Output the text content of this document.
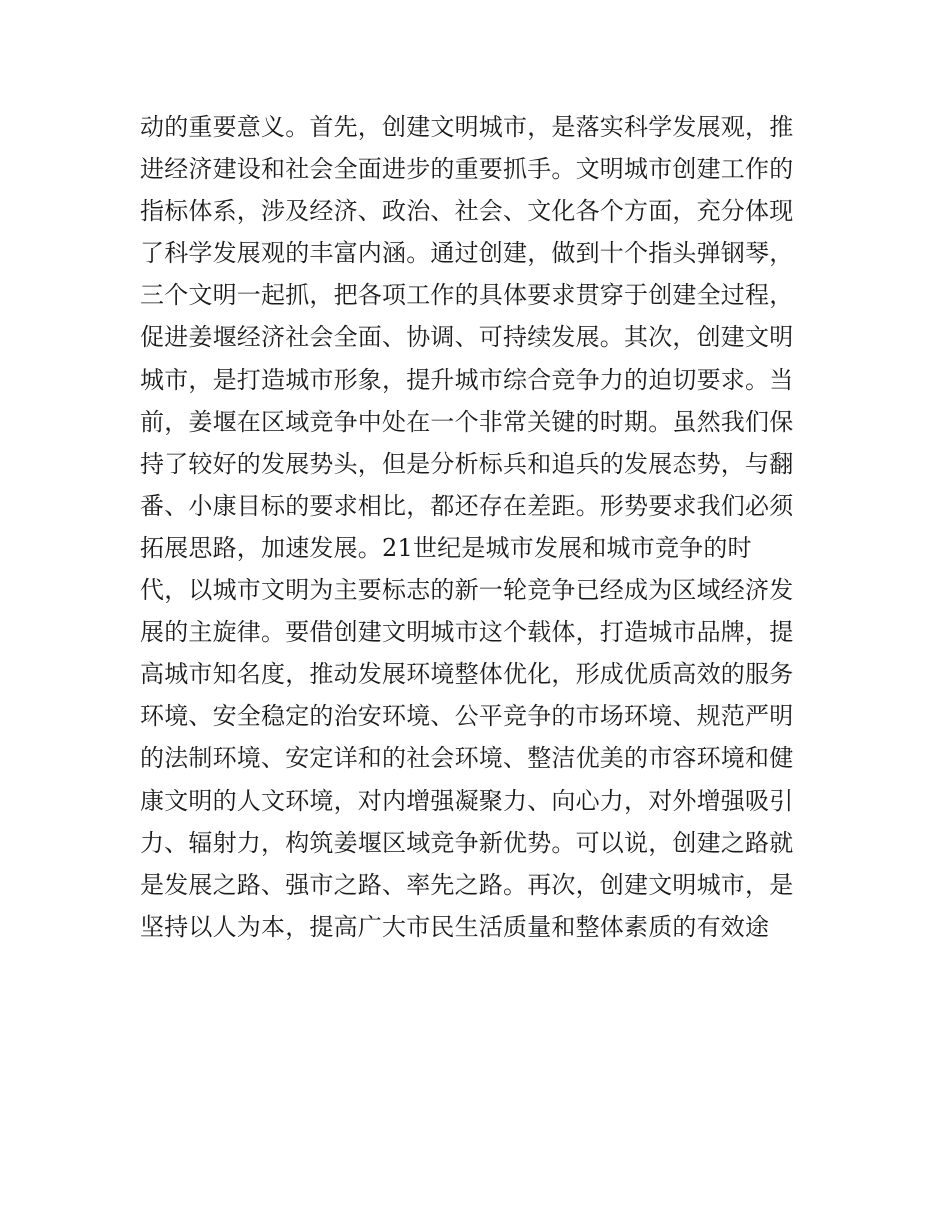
动的重要意义。首先，创建文明城市，是落实科学发展观，推
进经济建设和社会全面进步的重要抓手。文明城市创建工作的
指标体系，涉及经济、政治、社会、文化各个方面，充分体现
了科学发展观的丰富内涵。通过创建，做到十个指头弹钢琴，
三个文明一起抓，把各项工作的具体要求贯穿于创建全过程，
促进姜堰经济社会全面、协调、可持续发展。其次，创建文明
城市，是打造城市形象，提升城市综合竞争力的迫切要求。当
前，姜堰在区域竞争中处在一个非常关键的时期。虽然我们保
持了较好的发展势头，但是分析标兵和追兵的发展态势，与翻
番、小康目标的要求相比，都还存在差距。形势要求我们必须
拓展思路，加速发展。21世纪是城市发展和城市竞争的时
代，以城市文明为主要标志的新一轮竞争已经成为区域经济发
展的主旋律。要借创建文明城市这个载体，打造城市品牌，提
高城市知名度，推动发展环境整体优化，形成优质高效的服务
环境、安全稳定的治安环境、公平竞争的市场环境、规范严明
的法制环境、安定详和的社会环境、整洁优美的市容环境和健
康文明的人文环境，对内增强凝聚力、向心力，对外增强吸引
力、辐射力，构筑姜堰区域竞争新优势。可以说，创建之路就
是发展之路、强市之路、率先之路。再次，创建文明城市，是
坚持以人为本，提高广大市民生活质量和整体素质的有效途
